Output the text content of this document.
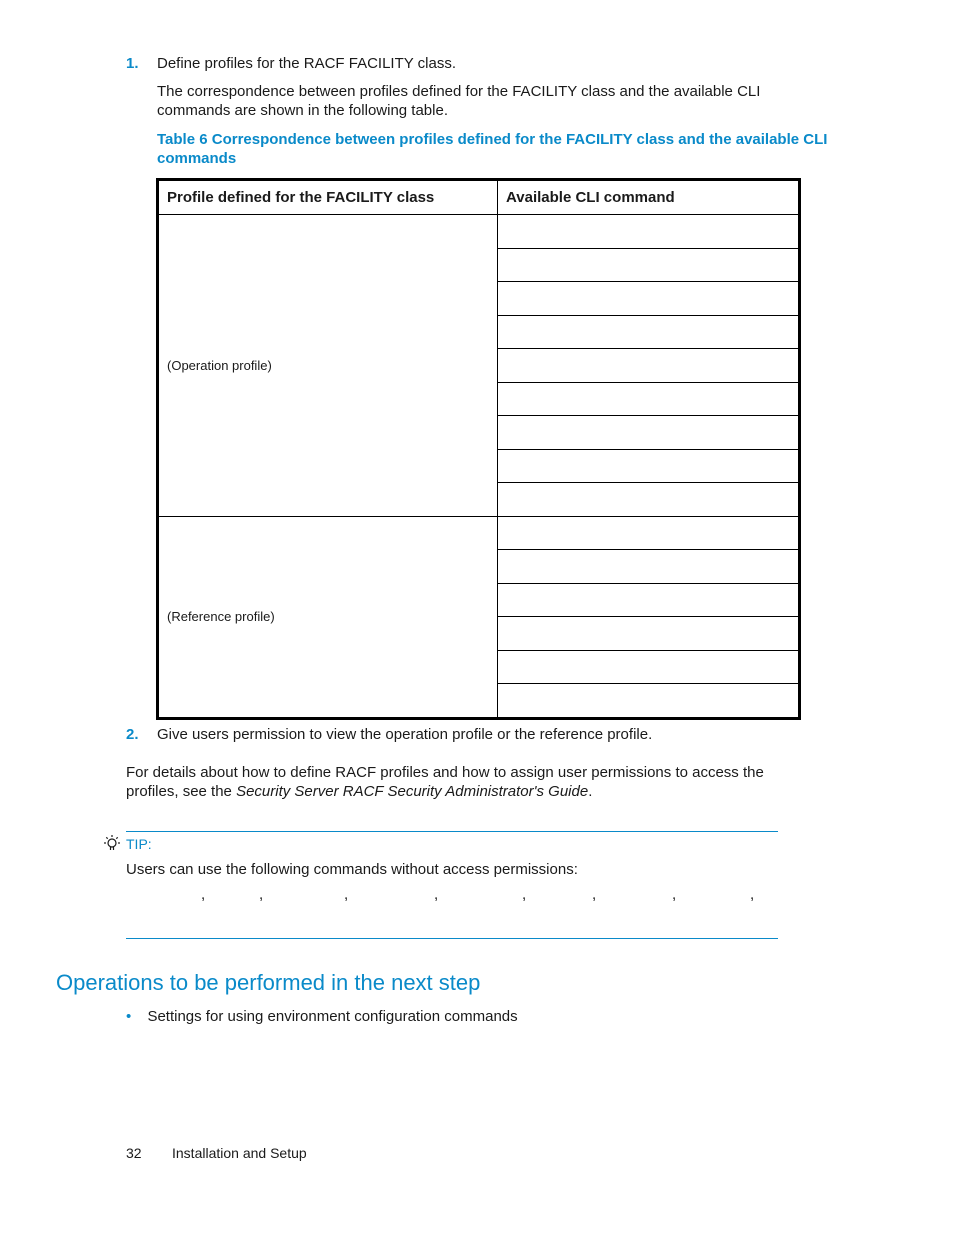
1. Define profiles for the RACF FACILITY class.
The correspondence between profiles defined for the FACILITY class and the available CLI
commands are shown in the following table.
Table 6 Correspondence between profiles defined for the FACILITY class and the available CLI
commands
Profile defined for the FACILITY class	Available CLI command
(Operation profile)	

(Reference profile)	

2. Give users permission to view the operation profile or the reference profile.
For details about how to define RACF profiles and how to assign user permissions to access the
profiles, see the Security Server RACF Security Administrator's Guide.
TIP:
Users can use the following commands without access permissions:
,	,	,	,	,	,	,	,
Operations to be performed in the next step
• Settings for using environment configuration commands
32 Installation and Setup
